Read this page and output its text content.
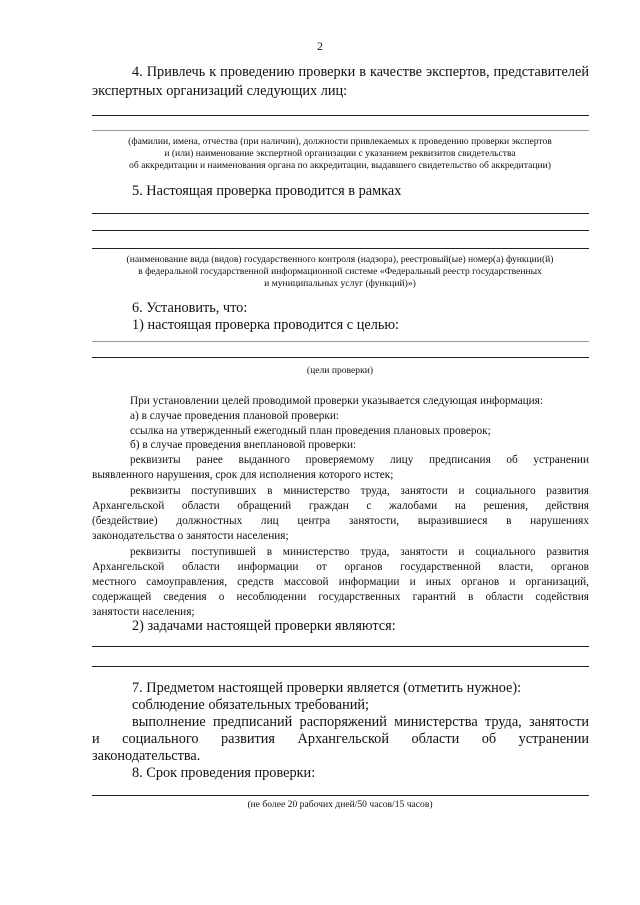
2
4. Привлечь к проведению проверки в качестве экспертов, представителей
экспертных организаций следующих лиц:
(фамилии, имена, отчества (при наличии), должности привлекаемых к проведению проверки экспертов
и (или) наименование экспертной организации с указанием реквизитов свидетельства
об аккредитации и наименования органа по аккредитации, выдавшего свидетельство об аккредитации)
5. Настоящая проверка проводится в рамках
(наименование вида (видов) государственного контроля (надзора), реестровый(ые) номер(а) функции(й)
в федеральной государственной информационной системе «Федеральный реестр государственных
и муниципальных услуг (функций)»)
6. Установить, что:
1) настоящая проверка проводится с целью:
(цели проверки)
При установлении целей проводимой проверки указывается следующая информация:
а) в случае проведения плановой проверки:
ссылка на утвержденный ежегодный план проведения плановых проверок;
б) в случае проведения внеплановой проверки:
реквизиты ранее выданного проверяемому лицу предписания об устранении
выявленного нарушения, срок для исполнения которого истек;
реквизиты поступивших в министерство труда, занятости и социального развития
Архангельской области обращений граждан с жалобами на решения, действия
(бездействие) должностных лиц центра занятости, выразившиеся в нарушениях
законодательства о занятости населения;
реквизиты поступившей в министерство труда, занятости и социального развития
Архангельской области информации от органов государственной власти, органов
местного самоуправления, средств массовой информации и иных органов и организаций,
содержащей сведения о несоблюдении государственных гарантий в области содействия
занятости населения;
2) задачами настоящей проверки являются:
7. Предметом настоящей проверки является (отметить нужное):
соблюдение обязательных требований;
выполнение предписаний распоряжений министерства труда, занятости
и социального развития Архангельской области об устранении
законодательства.
8. Срок проведения проверки:
(не более 20 рабочих дней/50 часов/15 часов)
